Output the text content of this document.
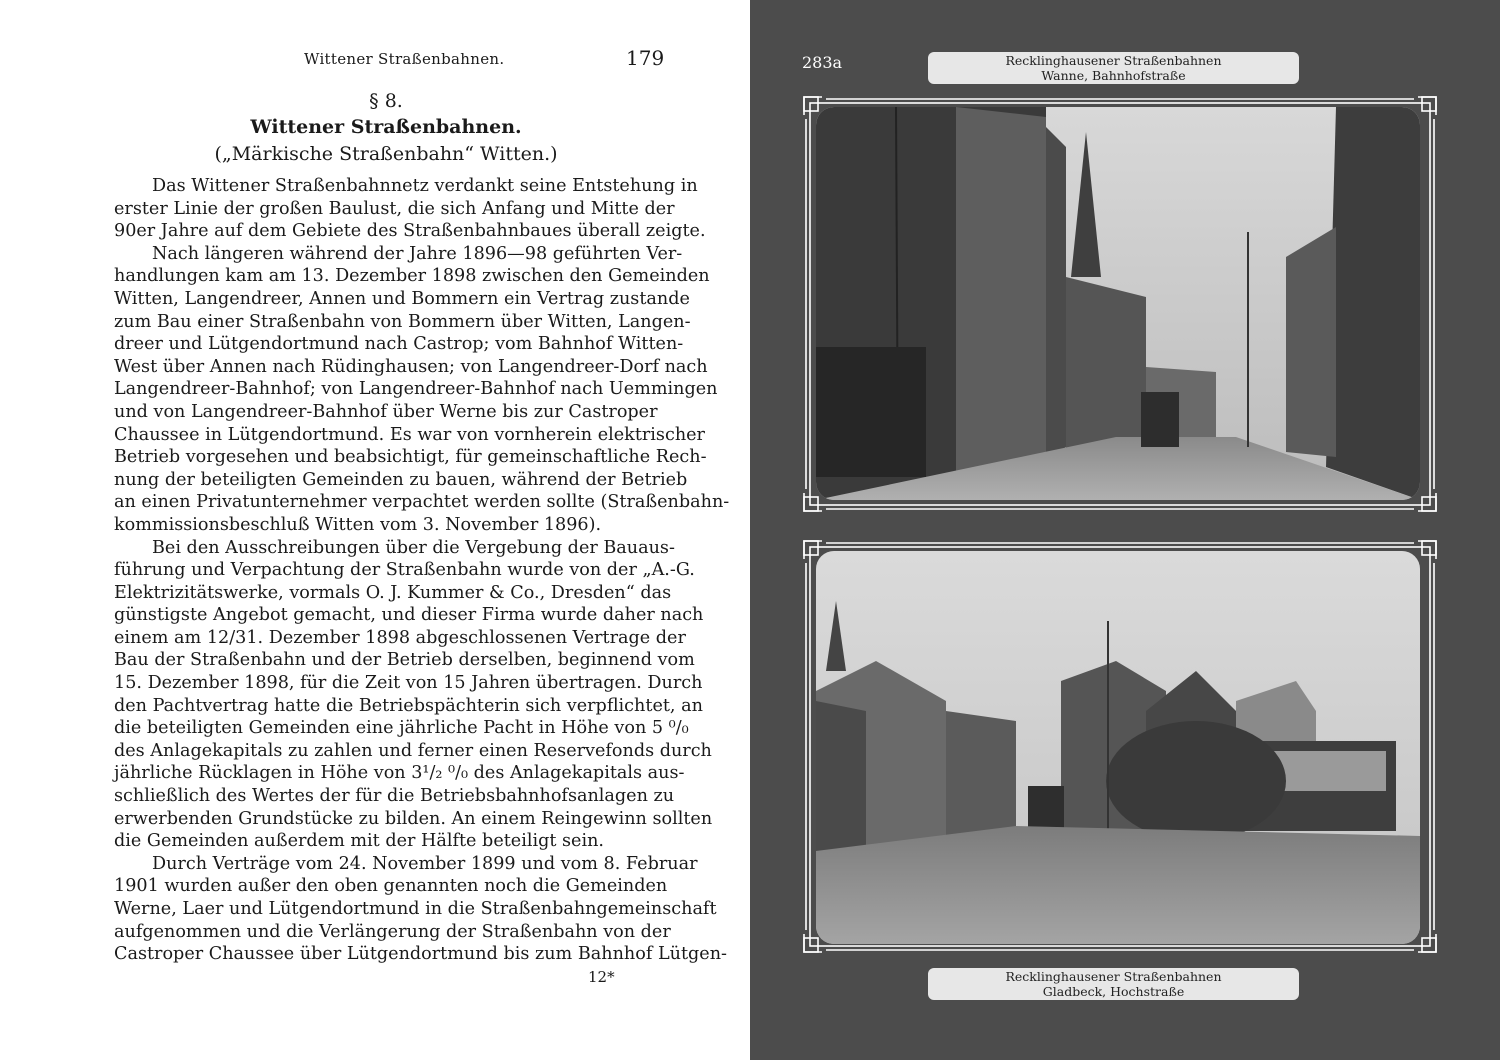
Wittener Straßenbahnen.	179
§ 8.
Wittener Straßenbahnen.
(„Märkische Straßenbahn“ Witten.)
Das Wittener Straßenbahnnetz verdankt seine Entstehung in
erster Linie der großen Baulust, die sich Anfang und Mitte der
90er Jahre auf dem Gebiete des Straßenbahnbaues überall zeigte.
Nach längeren während der Jahre 1896—98 geführten Ver-
handlungen kam am 13. Dezember 1898 zwischen den Gemeinden
Witten, Langendreer, Annen und Bommern ein Vertrag zustande
zum Bau einer Straßenbahn von Bommern über Witten, Langen-
dreer und Lütgendortmund nach Castrop; vom Bahnhof Witten-
West über Annen nach Rüdinghausen; von Langendreer-Dorf nach
Langendreer-Bahnhof; von Langendreer-Bahnhof nach Uemmingen
und von Langendreer-Bahnhof über Werne bis zur Castroper
Chaussee in Lütgendortmund. Es war von vornherein elektrischer
Betrieb vorgesehen und beabsichtigt, für gemeinschaftliche Rech-
nung der beteiligten Gemeinden zu bauen, während der Betrieb
an einen Privatunternehmer verpachtet werden sollte (Straßenbahn-
kommissionsbeschluß Witten vom 3. November 1896).
Bei den Ausschreibungen über die Vergebung der Bauaus-
führung und Verpachtung der Straßenbahn wurde von der „A.-G.
Elektrizitätswerke, vormals O. J. Kummer & Co., Dresden“ das
günstigste Angebot gemacht, und dieser Firma wurde daher nach
einem am 12/31. Dezember 1898 abgeschlossenen Vertrage der
Bau der Straßenbahn und der Betrieb derselben, beginnend vom
15. Dezember 1898, für die Zeit von 15 Jahren übertragen. Durch
den Pachtvertrag hatte die Betriebspächterin sich verpflichtet, an
die beteiligten Gemeinden eine jährliche Pacht in Höhe von 5 ⁰/₀
des Anlagekapitals zu zahlen und ferner einen Reservefonds durch
jährliche Rücklagen in Höhe von 3¹/₂ ⁰/₀ des Anlagekapitals aus-
schließlich des Wertes der für die Betriebsbahnhofsanlagen zu
erwerbenden Grundstücke zu bilden. An einem Reingewinn sollten
die Gemeinden außerdem mit der Hälfte beteiligt sein.
Durch Verträge vom 24. November 1899 und vom 8. Februar
1901 wurden außer den oben genannten noch die Gemeinden
Werne, Laer und Lütgendortmund in die Straßenbahngemeinschaft
aufgenommen und die Verlängerung der Straßenbahn von der
Castroper Chaussee über Lütgendortmund bis zum Bahnhof Lütgen-
12*
283a	Recklinghausener Straßenbahnen
Wanne, Bahnhofstraße
Recklinghausener Straßenbahnen
Gladbeck, Hochstraße
